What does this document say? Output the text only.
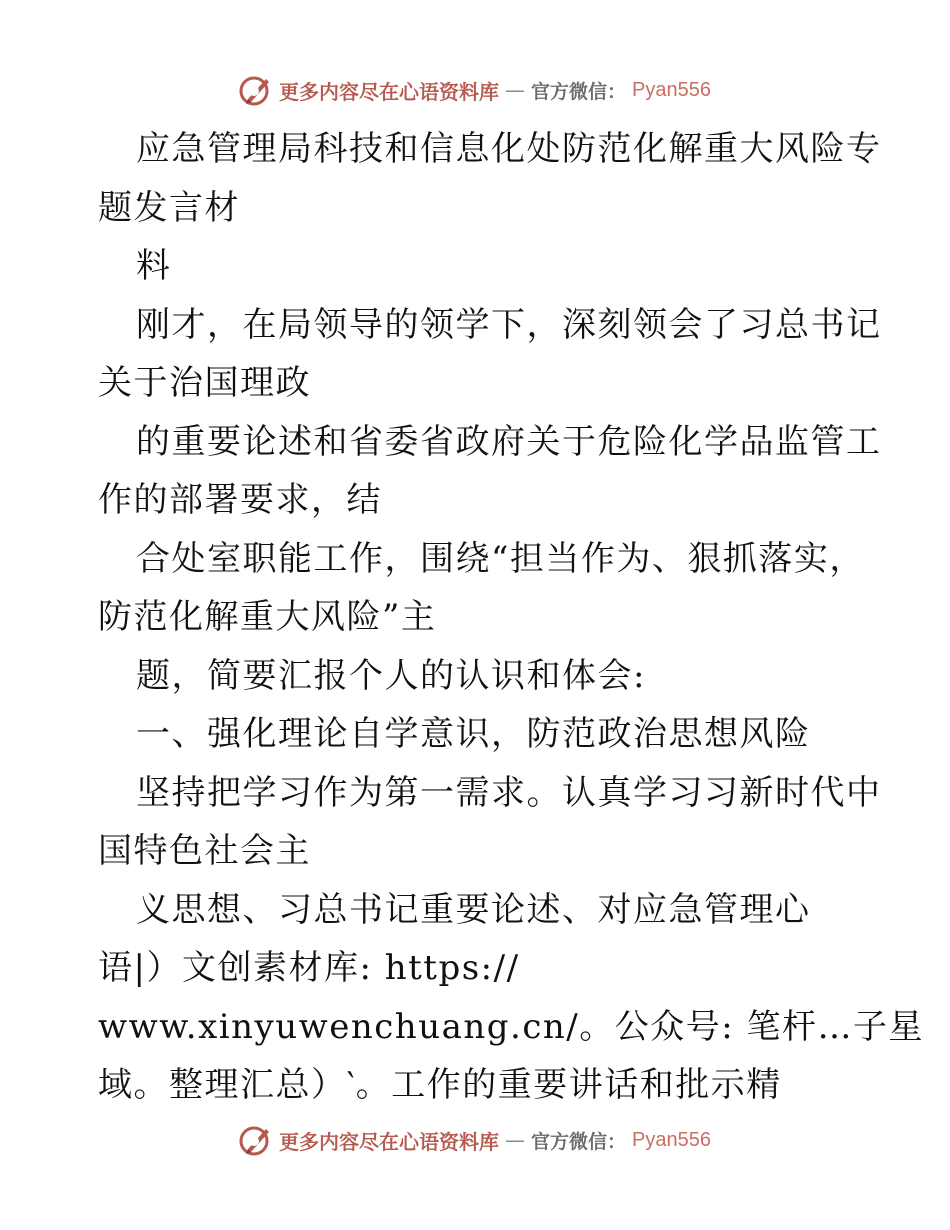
更多内容尽在心语资料库 — 官方微信： Pyan556
应急管理局科技和信息化处防范化解重大风险专
题发言材
料
刚才，在局领导的领学下，深刻领会了习总书记
关于治国理政
的重要论述和省委省政府关于危险化学品监管工
作的部署要求，结
合处室职能工作，围绕“担当作为、狠抓落实，
防范化解重大风险”主
题，简要汇报个人的认识和体会:
一、强化理论自学意识，防范政治思想风险
坚持把学习作为第一需求。认真学习习新时代中
国特色社会主
义思想、习总书记重要论述、对应急管理心
语|）文创素材库: https://
www.xinyuwenchuang.cn/。公众号: 笔杆…子星
域。整理汇总）‵。工作的重要讲话和批示精
更多内容尽在心语资料库 — 官方微信： Pyan556
